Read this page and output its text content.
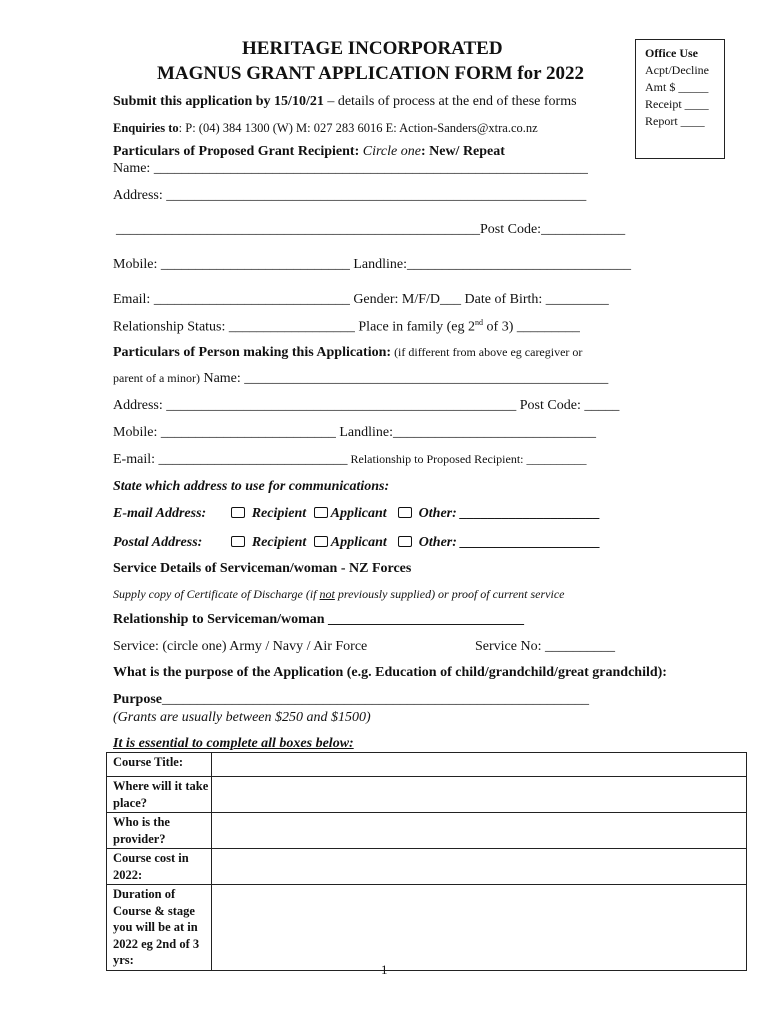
HERITAGE INCORPORATED
MAGNUS GRANT APPLICATION FORM for 2022
Submit this application by 15/10/21 – details of process at the end of these forms
Enquiries to: P: (04) 384 1300 (W) M: 027 283 6016 E: Action-Sanders@xtra.co.nz
Office Use
Acpt/Decline
Amt $ _____
Receipt ____
Report ____
Particulars of Proposed Grant Recipient: Circle one: New/ Repeat
Name: ______________________________________________________________
Address: ____________________________________________________________
____________________________________________________Post Code:____________
Mobile: ___________________________ Landline:________________________________
Email: ____________________________ Gender: M/F/D___ Date of Birth: _________
Relationship Status: __________________ Place in family (eg 2nd of 3) _________
Particulars of Person making this Application: (if different from above eg caregiver or
parent of a minor) Name: ____________________________________________________
Address: __________________________________________________ Post Code: _____
Mobile: _________________________ Landline:_____________________________
E-mail: ___________________________ Relationship to Proposed Recipient: __________
State which address to use for communications:
E-mail Address:	Recipient Applicant Other: ____________________
Postal Address:	Recipient Applicant Other: ____________________
Service Details of Serviceman/woman - NZ Forces
Supply copy of Certificate of Discharge (if not previously supplied) or proof of current service
Relationship to Serviceman/woman ____________________________
Service: (circle one) Army / Navy / Air Force	Service No: __________
What is the purpose of the Application (e.g. Education of child/grandchild/great grandchild):
Purpose_____________________________________________________________
(Grants are usually between $250 and $1500)
It is essential to complete all boxes below:
Course Title:	
Where will it take place?	
Who is the provider?	
Course cost in 2022:	
Duration of Course & stage you will be at in 2022 eg 2nd of 3 yrs:	
1
